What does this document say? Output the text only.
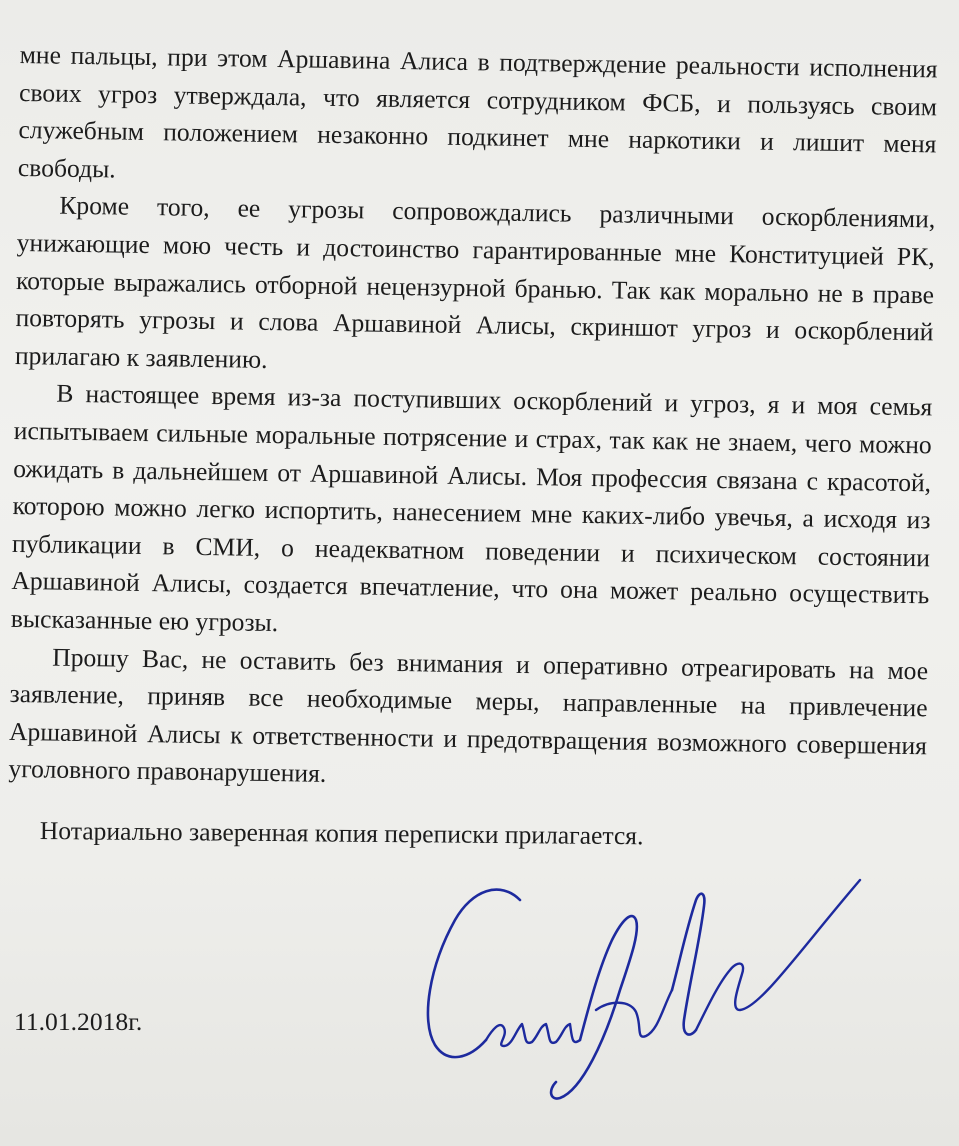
мне пальцы, при этом Аршавина Алиса в подтверждение реальности исполнения своих угроз утверждала, что является сотрудником ФСБ, и пользуясь своим служебным положением незаконно подкинет мне наркотики и лишит меня свободы.

Кроме того, ее угрозы сопровождались различными оскорблениями, унижающие мою честь и достоинство гарантированные мне Конституцией РК, которые выражались отборной нецензурной бранью. Так как морально не в праве повторять угрозы и слова Аршавиной Алисы, скриншот угроз и оскорблений прилагаю к заявлению.

В настоящее время из-за поступивших оскорблений и угроз, я и моя семья испытываем сильные моральные потрясение и страх, так как не знаем, чего можно ожидать в дальнейшем от Аршавиной Алисы. Моя профессия связана с красотой, которою можно легко испортить, нанесением мне каких-либо увечья, а исходя из публикации в СМИ, о неадекватном поведении и психическом состоянии Аршавиной Алисы, создается впечатление, что она может реально осуществить высказанные ею угрозы.

Прошу Вас, не оставить без внимания и оперативно отреагировать на мое заявление, приняв все необходимые меры, направленные на привлечение Аршавиной Алисы к ответственности и предотвращения возможного совершения уголовного правонарушения.

Нотариально заверенная копия переписки прилагается.
11.01.2018г.
